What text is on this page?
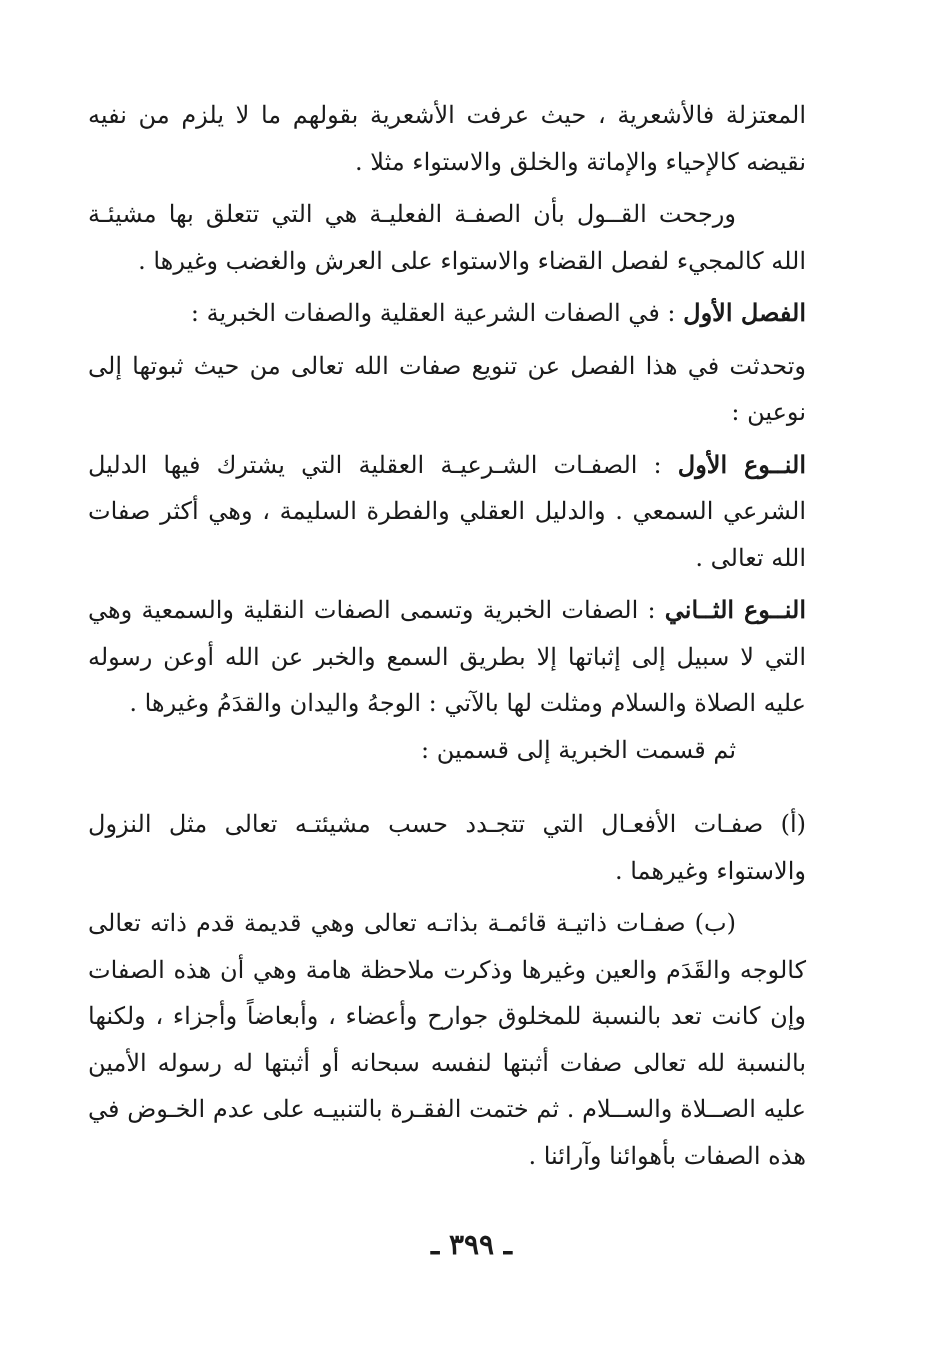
المعتزلة فالأشعرية ، حيث عرفت الأشعرية بقولهم ما لا يلزم من نفيه نقيضه كالإحياء والإماتة والخلق والاستواء مثلا .

ورجحت القــول بأن الصفـة الفعليـة هي التي تتعلق بها مشيئـة الله كالمجيء لفصل القضاء والاستواء على العرش والغضب وغيرها .

الفصل الأول : في الصفات الشرعية العقلية والصفات الخبرية :

وتحدثت في هذا الفصل عن تنويع صفات الله تعالى من حيث ثبوتها إلى نوعين :

النــوع الأول : الصفـات الشـرعيـة العقلية التي يشترك فيها الدليل الشرعي السمعي . والدليل العقلي والفطرة السليمة ، وهي أكثر صفات الله تعالى .

النــوع الثــاني : الصفات الخبرية وتسمى الصفات النقلية والسمعية وهي التي لا سبيل إلى إثباتها إلا بطريق السمع والخبر عن الله أوعن رسوله عليه الصلاة والسلام ومثلت لها بالآتي : الوجهُ واليدان والقدَمُ وغيرها .

ثم قسمت الخبرية إلى قسمين :

(أ) صفـات الأفعـال التي تتجـدد حسب مشيئتـه تعالى مثل النزول والاستواء وغيرهما .

(ب) صفـات ذاتيـة قائمـة بذاتـه تعالى وهي قديمة قدم ذاته تعالى كالوجه والقَدَم والعين وغيرها وذكرت ملاحظة هامة وهي أن هذه الصفات وإن كانت تعد بالنسبة للمخلوق جوارح وأعضاء ، وأبعاضاً وأجزاء ، ولكنها بالنسبة لله تعالى صفات أثبتها لنفسه سبحانه أو أثبتها له رسوله الأمين عليه الصــلاة والســلام . ثم ختمت الفقـرة بالتنبيـه على عدم الخـوض في هذه الصفات بأهوائنا وآرائنا .

ـ ٣٩٩ ـ
